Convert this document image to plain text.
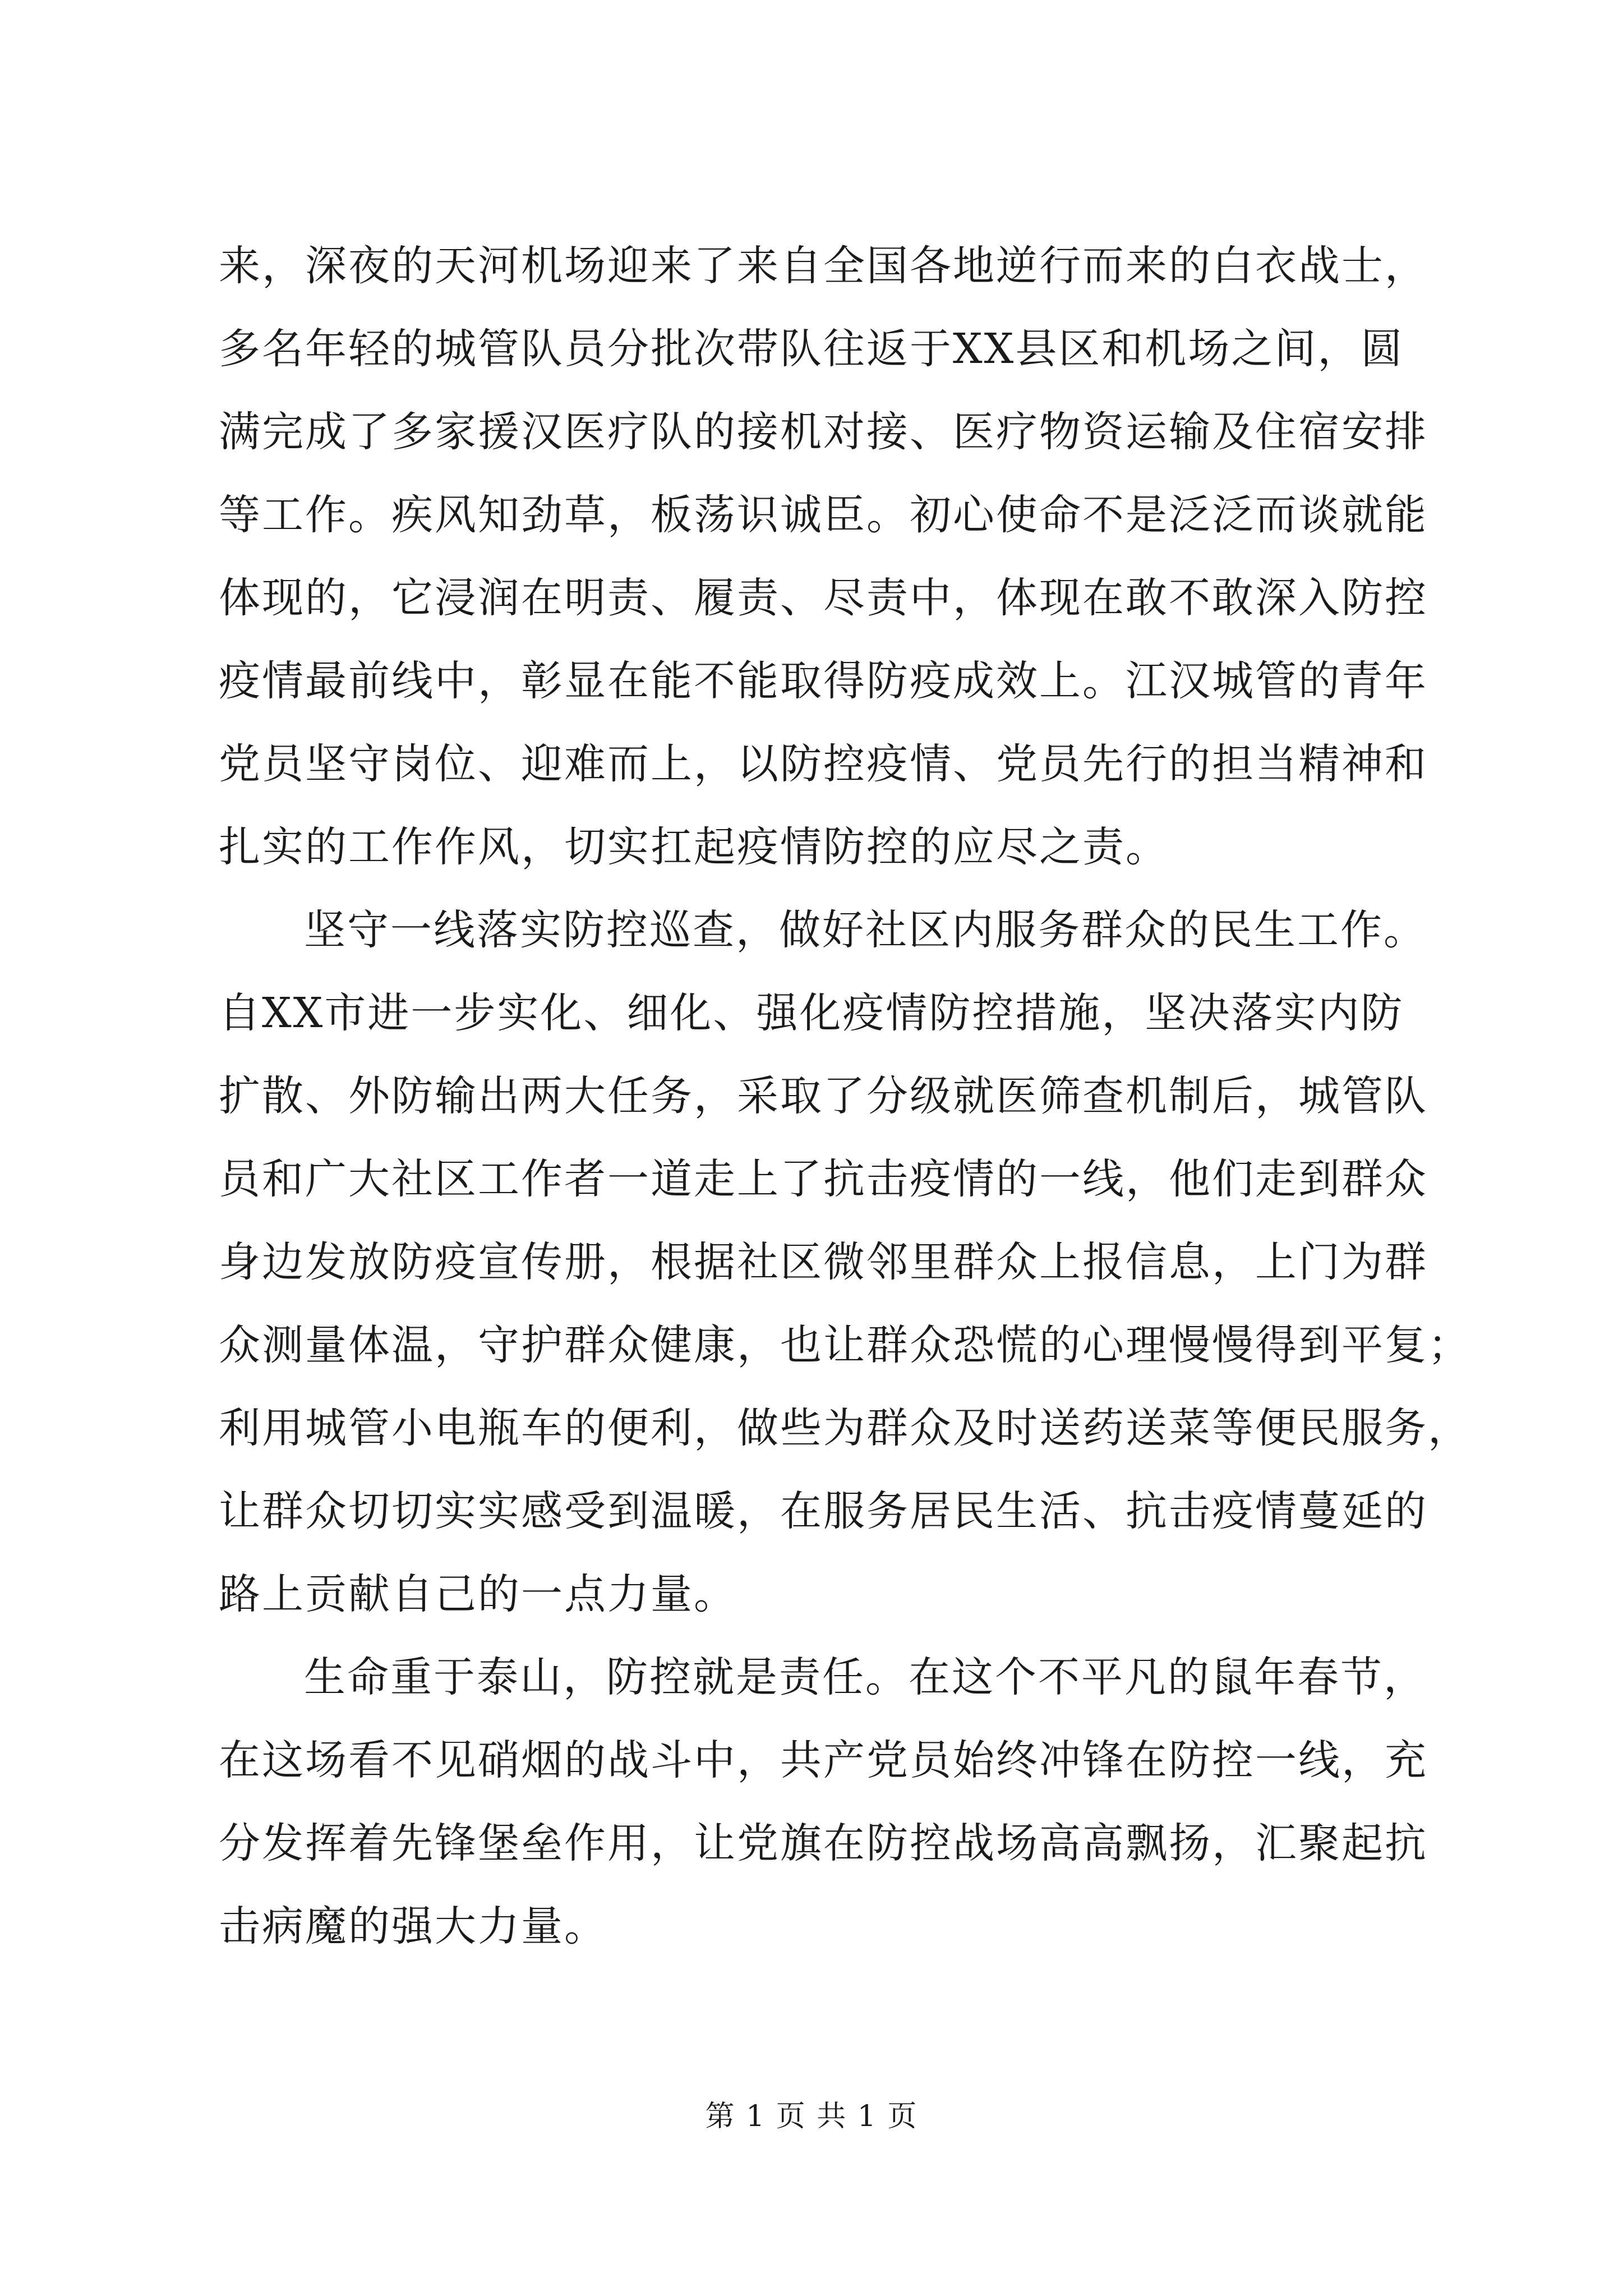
来，深夜的天河机场迎来了来自全国各地逆行而来的白衣战士，
多名年轻的城管队员分批次带队往返于XX县区和机场之间，圆
满完成了多家援汉医疗队的接机对接、医疗物资运输及住宿安排
等工作。疾风知劲草，板荡识诚臣。初心使命不是泛泛而谈就能
体现的，它浸润在明责、履责、尽责中，体现在敢不敢深入防控
疫情最前线中，彰显在能不能取得防疫成效上。江汉城管的青年
党员坚守岗位、迎难而上，以防控疫情、党员先行的担当精神和
扎实的工作作风，切实扛起疫情防控的应尽之责。
坚守一线落实防控巡查，做好社区内服务群众的民生工作。
自XX市进一步实化、细化、强化疫情防控措施，坚决落实内防
扩散、外防输出两大任务，采取了分级就医筛查机制后，城管队
员和广大社区工作者一道走上了抗击疫情的一线，他们走到群众
身边发放防疫宣传册，根据社区微邻里群众上报信息，上门为群
众测量体温，守护群众健康，也让群众恐慌的心理慢慢得到平复；
利用城管小电瓶车的便利，做些为群众及时送药送菜等便民服务，
让群众切切实实感受到温暖，在服务居民生活、抗击疫情蔓延的
路上贡献自己的一点力量。
生命重于泰山，防控就是责任。在这个不平凡的鼠年春节，
在这场看不见硝烟的战斗中，共产党员始终冲锋在防控一线，充
分发挥着先锋堡垒作用，让党旗在防控战场高高飘扬，汇聚起抗
击病魔的强大力量。
第 1 页 共 1 页
